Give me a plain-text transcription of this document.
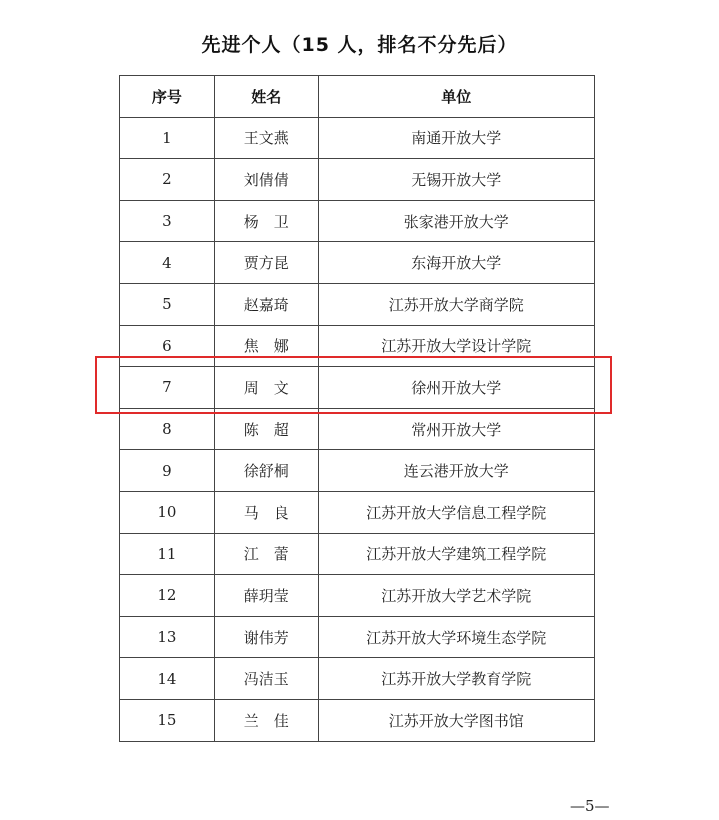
先进个人（15 人，排名不分先后）
序号	姓名	单位
1	王文燕	南通开放大学
2	刘倩倩	无锡开放大学
3	杨　卫	张家港开放大学
4	贾方昆	东海开放大学
5	赵嘉琦	江苏开放大学商学院
6	焦　娜	江苏开放大学设计学院
7	周　文	徐州开放大学
8	陈　超	常州开放大学
9	徐舒桐	连云港开放大学
10	马　良	江苏开放大学信息工程学院
11	江　蕾	江苏开放大学建筑工程学院
12	薛玥莹	江苏开放大学艺术学院
13	谢伟芳	江苏开放大学环境生态学院
14	冯洁玉	江苏开放大学教育学院
15	兰　佳	江苏开放大学图书馆
—5—
